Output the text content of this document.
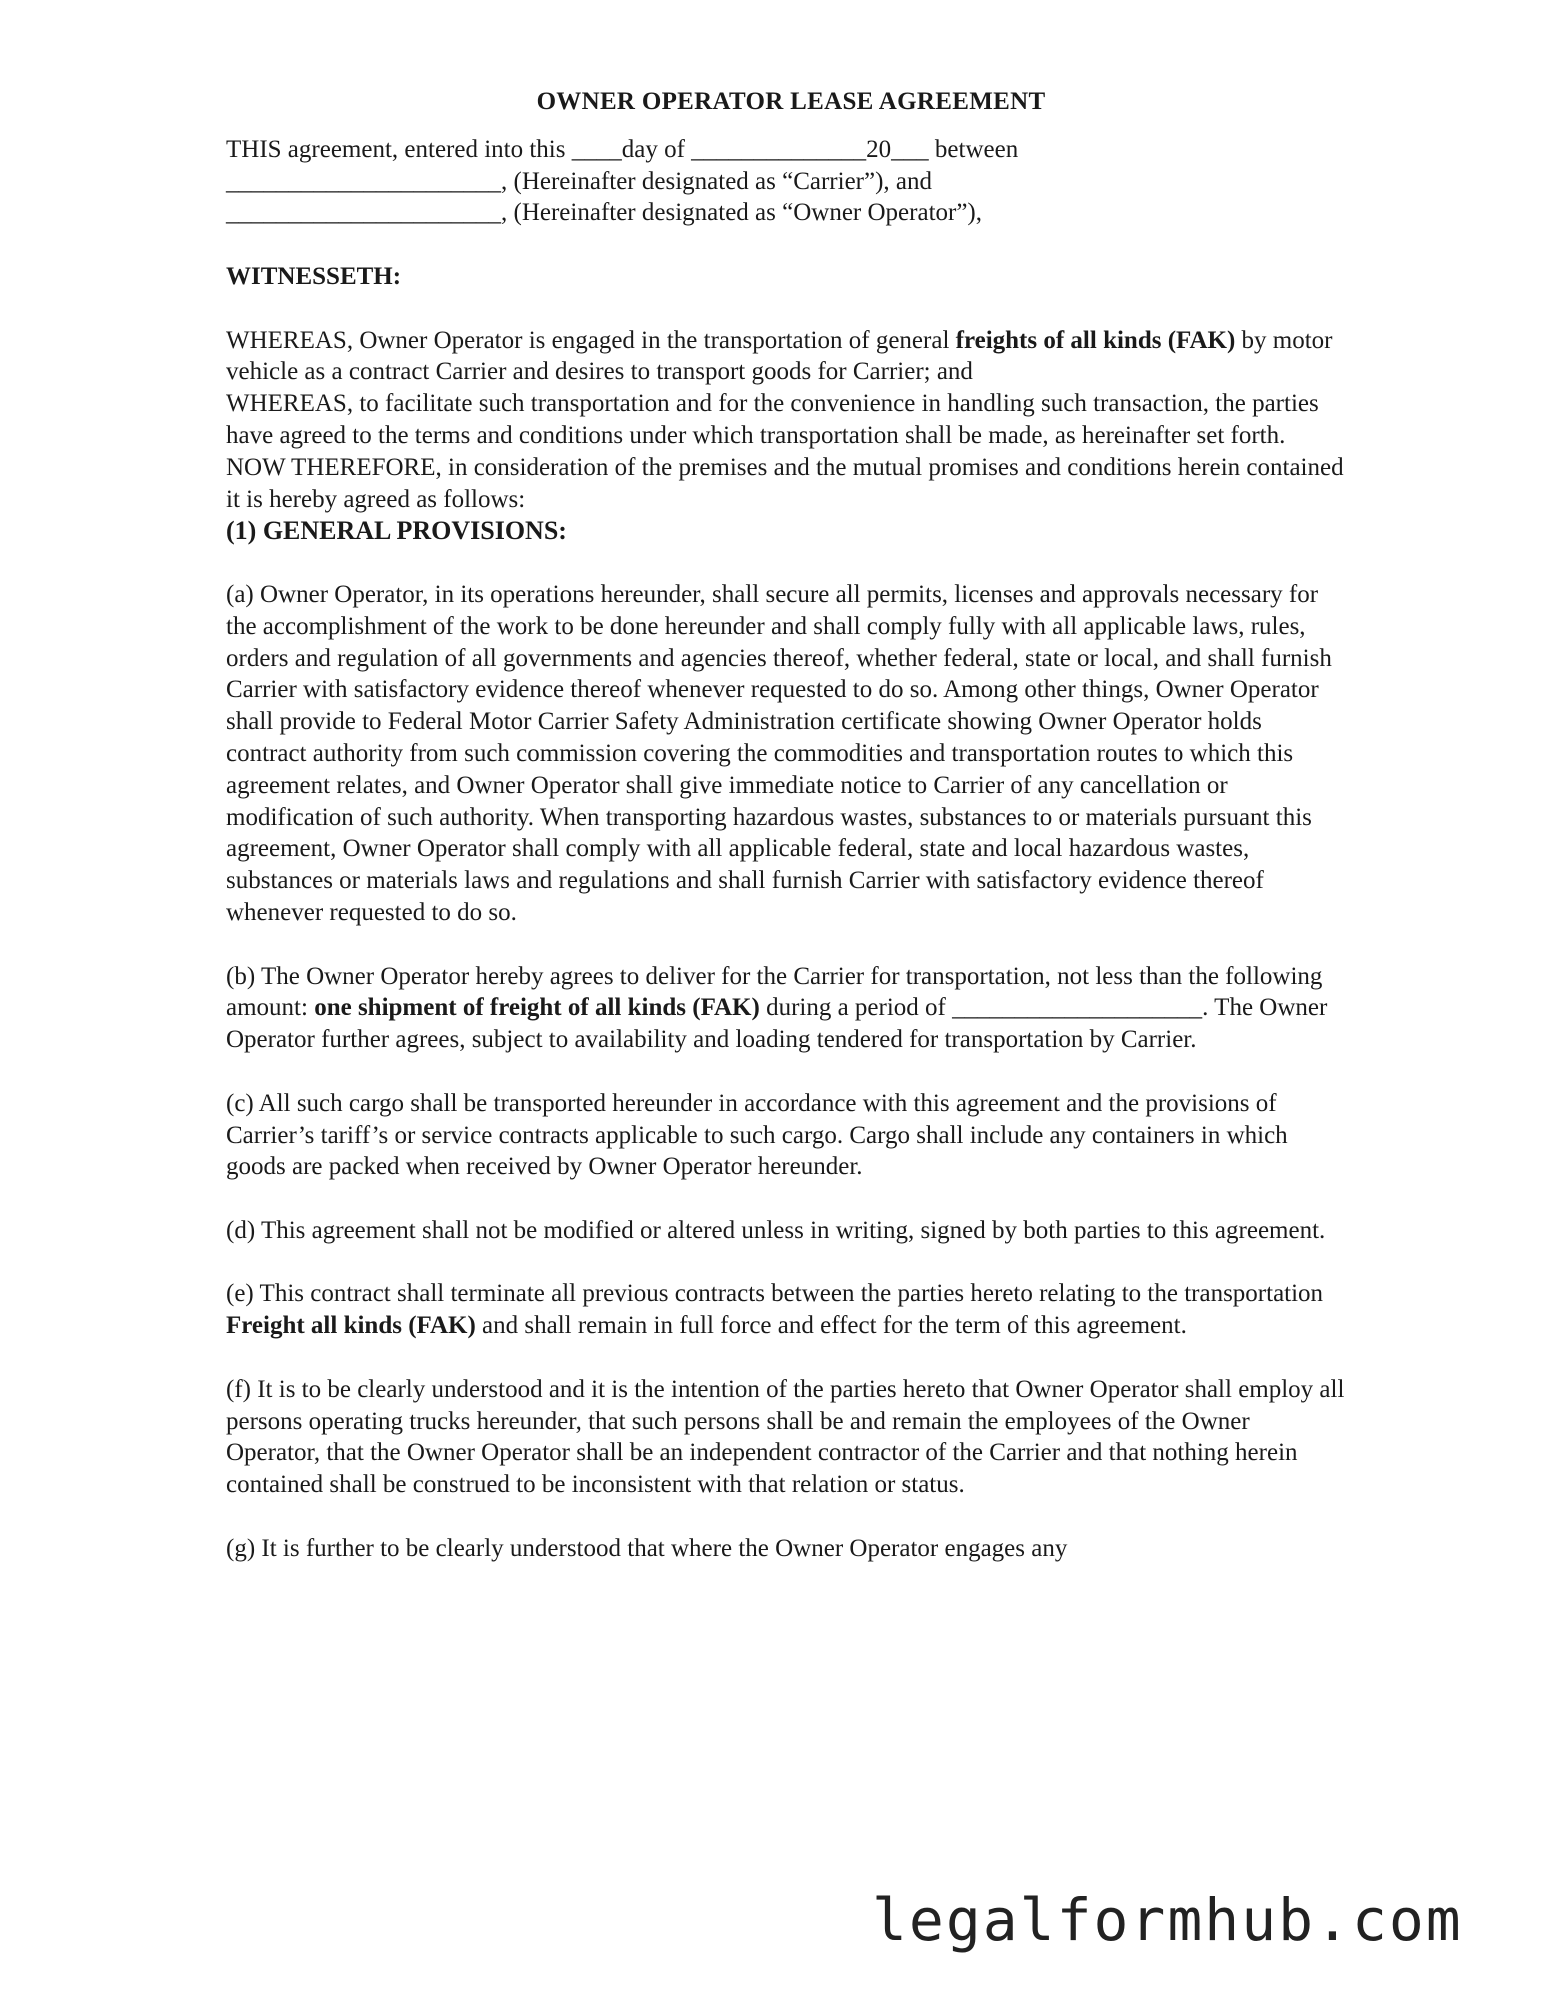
OWNER OPERATOR LEASE AGREEMENT

THIS agreement, entered into this ____day of ______________20___ between

______________________, (Hereinafter designated as “Carrier”), and

______________________, (Hereinafter designated as “Owner Operator”),

WITNESSETH:

WHEREAS, Owner Operator is engaged in the transportation of general freights of all kinds (FAK) by motor vehicle as a contract Carrier and desires to transport goods for Carrier; and

WHEREAS, to facilitate such transportation and for the convenience in handling such transaction, the parties have agreed to the terms and conditions under which transportation shall be made, as hereinafter set forth.

NOW THEREFORE, in consideration of the premises and the mutual promises and conditions herein contained it is hereby agreed as follows:

(1) GENERAL PROVISIONS:

(a) Owner Operator, in its operations hereunder, shall secure all permits, licenses and approvals necessary for the accomplishment of the work to be done hereunder and shall comply fully with all applicable laws, rules, orders and regulation of all governments and agencies thereof, whether federal, state or local, and shall furnish Carrier with satisfactory evidence thereof whenever requested to do so. Among other things, Owner Operator shall provide to Federal Motor Carrier Safety Administration certificate showing Owner Operator holds contract authority from such commission covering the commodities and transportation routes to which this agreement relates, and Owner Operator shall give immediate notice to Carrier of any cancellation or modification of such authority. When transporting hazardous wastes, substances to or materials pursuant this agreement, Owner Operator shall comply with all applicable federal, state and local hazardous wastes, substances or materials laws and regulations and shall furnish Carrier with satisfactory evidence thereof whenever requested to do so.

(b) The Owner Operator hereby agrees to deliver for the Carrier for transportation, not less than the following amount: one shipment of freight of all kinds (FAK) during a period of ____________________. The Owner Operator further agrees, subject to availability and loading tendered for transportation by Carrier.

(c) All such cargo shall be transported hereunder in accordance with this agreement and the provisions of Carrier’s tariff’s or service contracts applicable to such cargo. Cargo shall include any containers in which goods are packed when received by Owner Operator hereunder.

(d) This agreement shall not be modified or altered unless in writing, signed by both parties to this agreement.

(e) This contract shall terminate all previous contracts between the parties hereto relating to the transportation Freight all kinds (FAK) and shall remain in full force and effect for the term of this agreement.

(f) It is to be clearly understood and it is the intention of the parties hereto that Owner Operator shall employ all persons operating trucks hereunder, that such persons shall be and remain the employees of the Owner Operator, that the Owner Operator shall be an independent contractor of the Carrier and that nothing herein contained shall be construed to be inconsistent with that relation or status.

(g) It is further to be clearly understood that where the Owner Operator engages any

legalformhub.com
